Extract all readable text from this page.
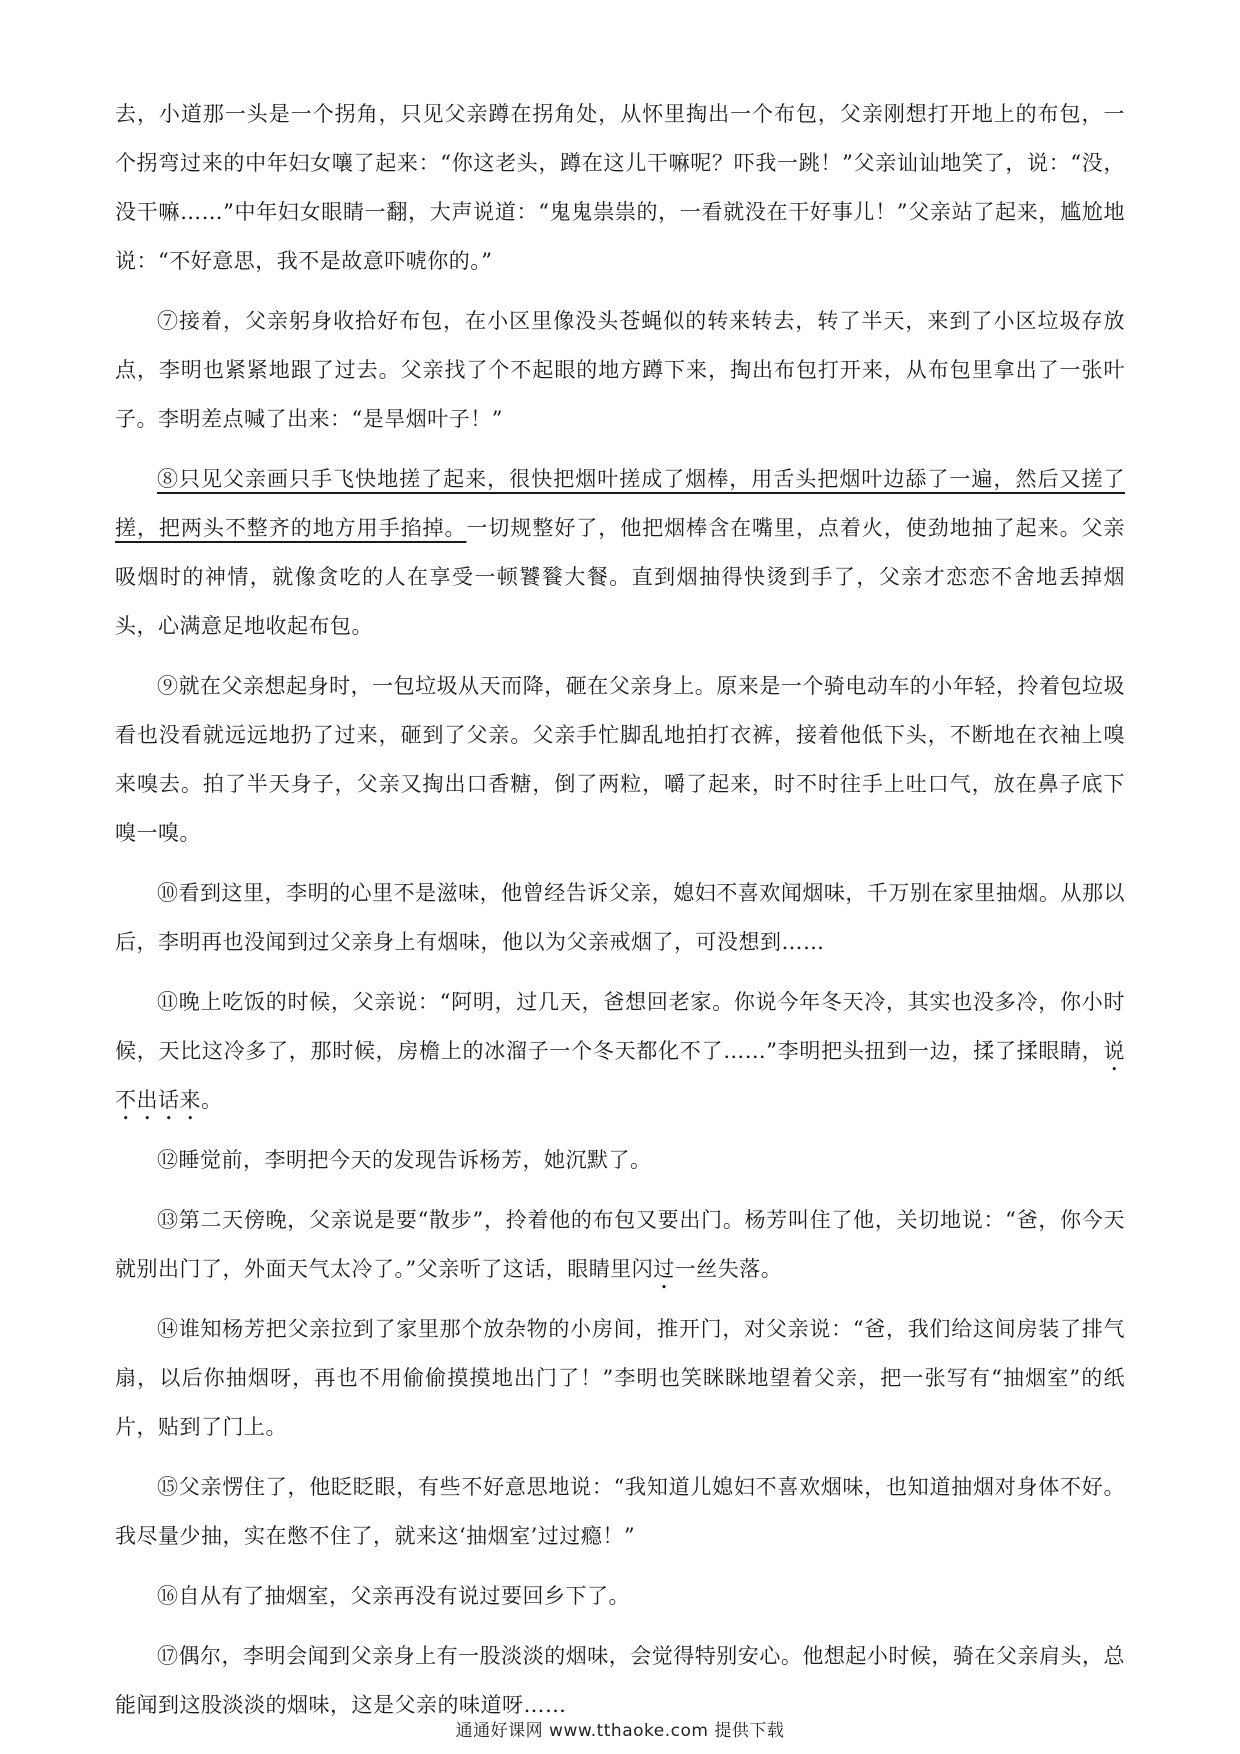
去，小道那一头是一个拐角，只见父亲蹲在拐角处，从怀里掏出一个布包，父亲刚想打开地上的布包，一个拐弯过来的中年妇女嚷了起来：“你这老头，蹲在这儿干嘛呢？吓我一跳！”父亲讪讪地笑了，说：“没，没干嘛……”中年妇女眼睛一翻，大声说道：“鬼鬼祟祟的，一看就没在干好事儿！”父亲站了起来，尴尬地说：“不好意思，我不是故意吓唬你的。”

⑦接着，父亲躬身收拾好布包，在小区里像没头苍蝇似的转来转去，转了半天，来到了小区垃圾存放点，李明也紧紧地跟了过去。父亲找了个不起眼的地方蹲下来，掏出布包打开来，从布包里拿出了一张叶子。李明差点喊了出来：“是旱烟叶子！”

⑧只见父亲画只手飞快地搓了起来，很快把烟叶搓成了烟棒，用舌头把烟叶边舔了一遍，然后又搓了搓，把两头不整齐的地方用手掐掉。一切规整好了，他把烟棒含在嘴里，点着火，使劲地抽了起来。父亲吸烟时的神情，就像贪吃的人在享受一顿饕餮大餐。直到烟抽得快烫到手了，父亲才恋恋不舍地丢掉烟头，心满意足地收起布包。

⑨就在父亲想起身时，一包垃圾从天而降，砸在父亲身上。原来是一个骑电动车的小年轻，拎着包垃圾看也没看就远远地扔了过来，砸到了父亲。父亲手忙脚乱地拍打衣裤，接着他低下头，不断地在衣袖上嗅来嗅去。拍了半天身子，父亲又掏出口香糖，倒了两粒，嚼了起来，时不时往手上吐口气，放在鼻子底下嗅一嗅。

⑩看到这里，李明的心里不是滋味，他曾经告诉父亲，媳妇不喜欢闻烟味，千万别在家里抽烟。从那以后，李明再也没闻到过父亲身上有烟味，他以为父亲戒烟了，可没想到……

⑪晚上吃饭的时候，父亲说：“阿明，过几天，爸想回老家。你说今年冬天冷，其实也没多冷，你小时候，天比这冷多了，那时候，房檐上的冰溜子一个冬天都化不了……”李明把头扭到一边，揉了揉眼睛，说不出话来。

⑫睡觉前，李明把今天的发现告诉杨芳，她沉默了。

⑬第二天傍晚，父亲说是要“散步”，拎着他的布包又要出门。杨芳叫住了他，关切地说：“爸，你今天就别出门了，外面天气太冷了。”父亲听了这话，眼睛里闪过一丝失落。

⑭谁知杨芳把父亲拉到了家里那个放杂物的小房间，推开门，对父亲说：“爸，我们给这间房装了排气扇，以后你抽烟呀，再也不用偷偷摸摸地出门了！”李明也笑眯眯地望着父亲，把一张写有“抽烟室”的纸片，贴到了门上。

⑮父亲愣住了，他眨眨眼，有些不好意思地说：“我知道儿媳妇不喜欢烟味，也知道抽烟对身体不好。我尽量少抽，实在憋不住了，就来这‘抽烟室’过过瘾！”

⑯自从有了抽烟室，父亲再没有说过要回乡下了。

⑰偶尔，李明会闻到父亲身上有一股淡淡的烟味，会觉得特别安心。他想起小时候，骑在父亲肩头，总能闻到这股淡淡的烟味，这是父亲的味道呀……

通通好课网 www.tthaoke.com 提供下载
